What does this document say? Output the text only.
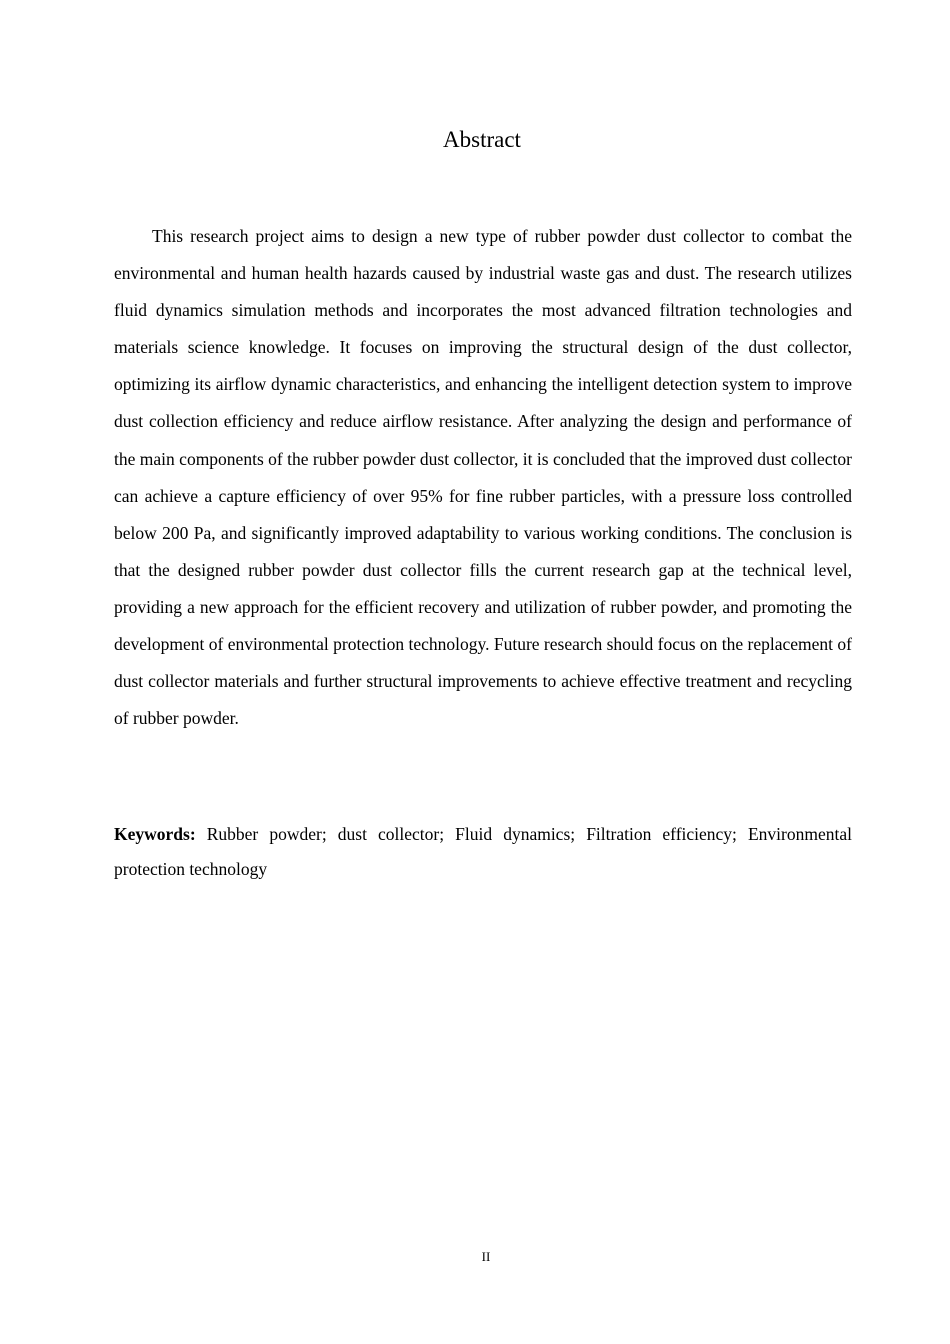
Abstract

This research project aims to design a new type of rubber powder dust collector to combat the environmental and human health hazards caused by industrial waste gas and dust. The research utilizes fluid dynamics simulation methods and incorporates the most advanced filtration technologies and materials science knowledge. It focuses on improving the structural design of the dust collector, optimizing its airflow dynamic characteristics, and enhancing the intelligent detection system to improve dust collection efficiency and reduce airflow resistance. After analyzing the design and performance of the main components of the rubber powder dust collector, it is concluded that the improved dust collector can achieve a capture efficiency of over 95% for fine rubber particles, with a pressure loss controlled below 200 Pa, and significantly improved adaptability to various working conditions. The conclusion is that the designed rubber powder dust collector fills the current research gap at the technical level, providing a new approach for the efficient recovery and utilization of rubber powder, and promoting the development of environmental protection technology. Future research should focus on the replacement of dust collector materials and further structural improvements to achieve effective treatment and recycling of rubber powder.

Keywords: Rubber powder; dust collector; Fluid dynamics; Filtration efficiency; Environmental protection technology

II
